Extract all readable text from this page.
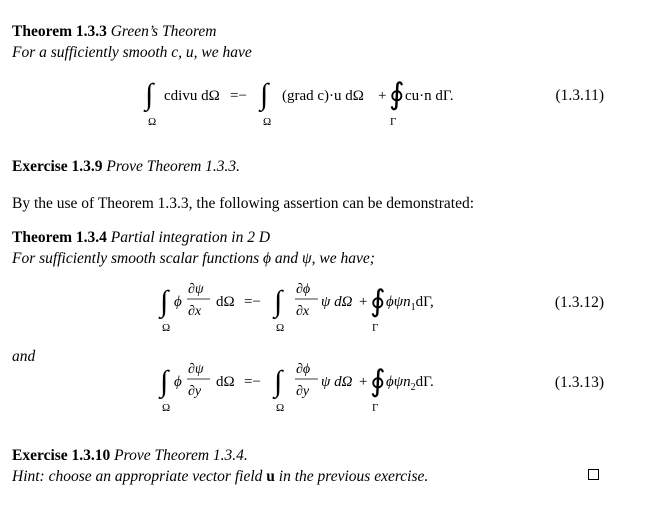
Theorem 1.3.3 Green’s Theorem
For a sufficiently smooth c, u, we have
∫
Ω
cdivu dΩ =− ∫
Ω
(grad c)·u dΩ + ∮
Γ
cu·n dΓ.	(1.3.11)
Exercise 1.3.9 Prove Theorem 1.3.3.
By the use of Theorem 1.3.3, the following assertion can be demonstrated:
Theorem 1.3.4 Partial integration in 2 D
For sufficiently smooth scalar functions ϕ and ψ, we have;
∫
Ω
ϕ
∂ψ
∂x
dΩ =− ∫
Ω
∂ϕ
∂x
ψ dΩ + ∮
Γ
ϕψn$_1$dΓ,	(1.3.12)
and
∫
Ω
ϕ
∂ψ
∂y
dΩ =− ∫
Ω
∂ϕ
∂y
ψ dΩ + ∮
Γ
ϕψn$_2$dΓ.	(1.3.13)
Exercise 1.3.10 Prove Theorem 1.3.4.
Hint: choose an appropriate vector field u in the previous exercise.
